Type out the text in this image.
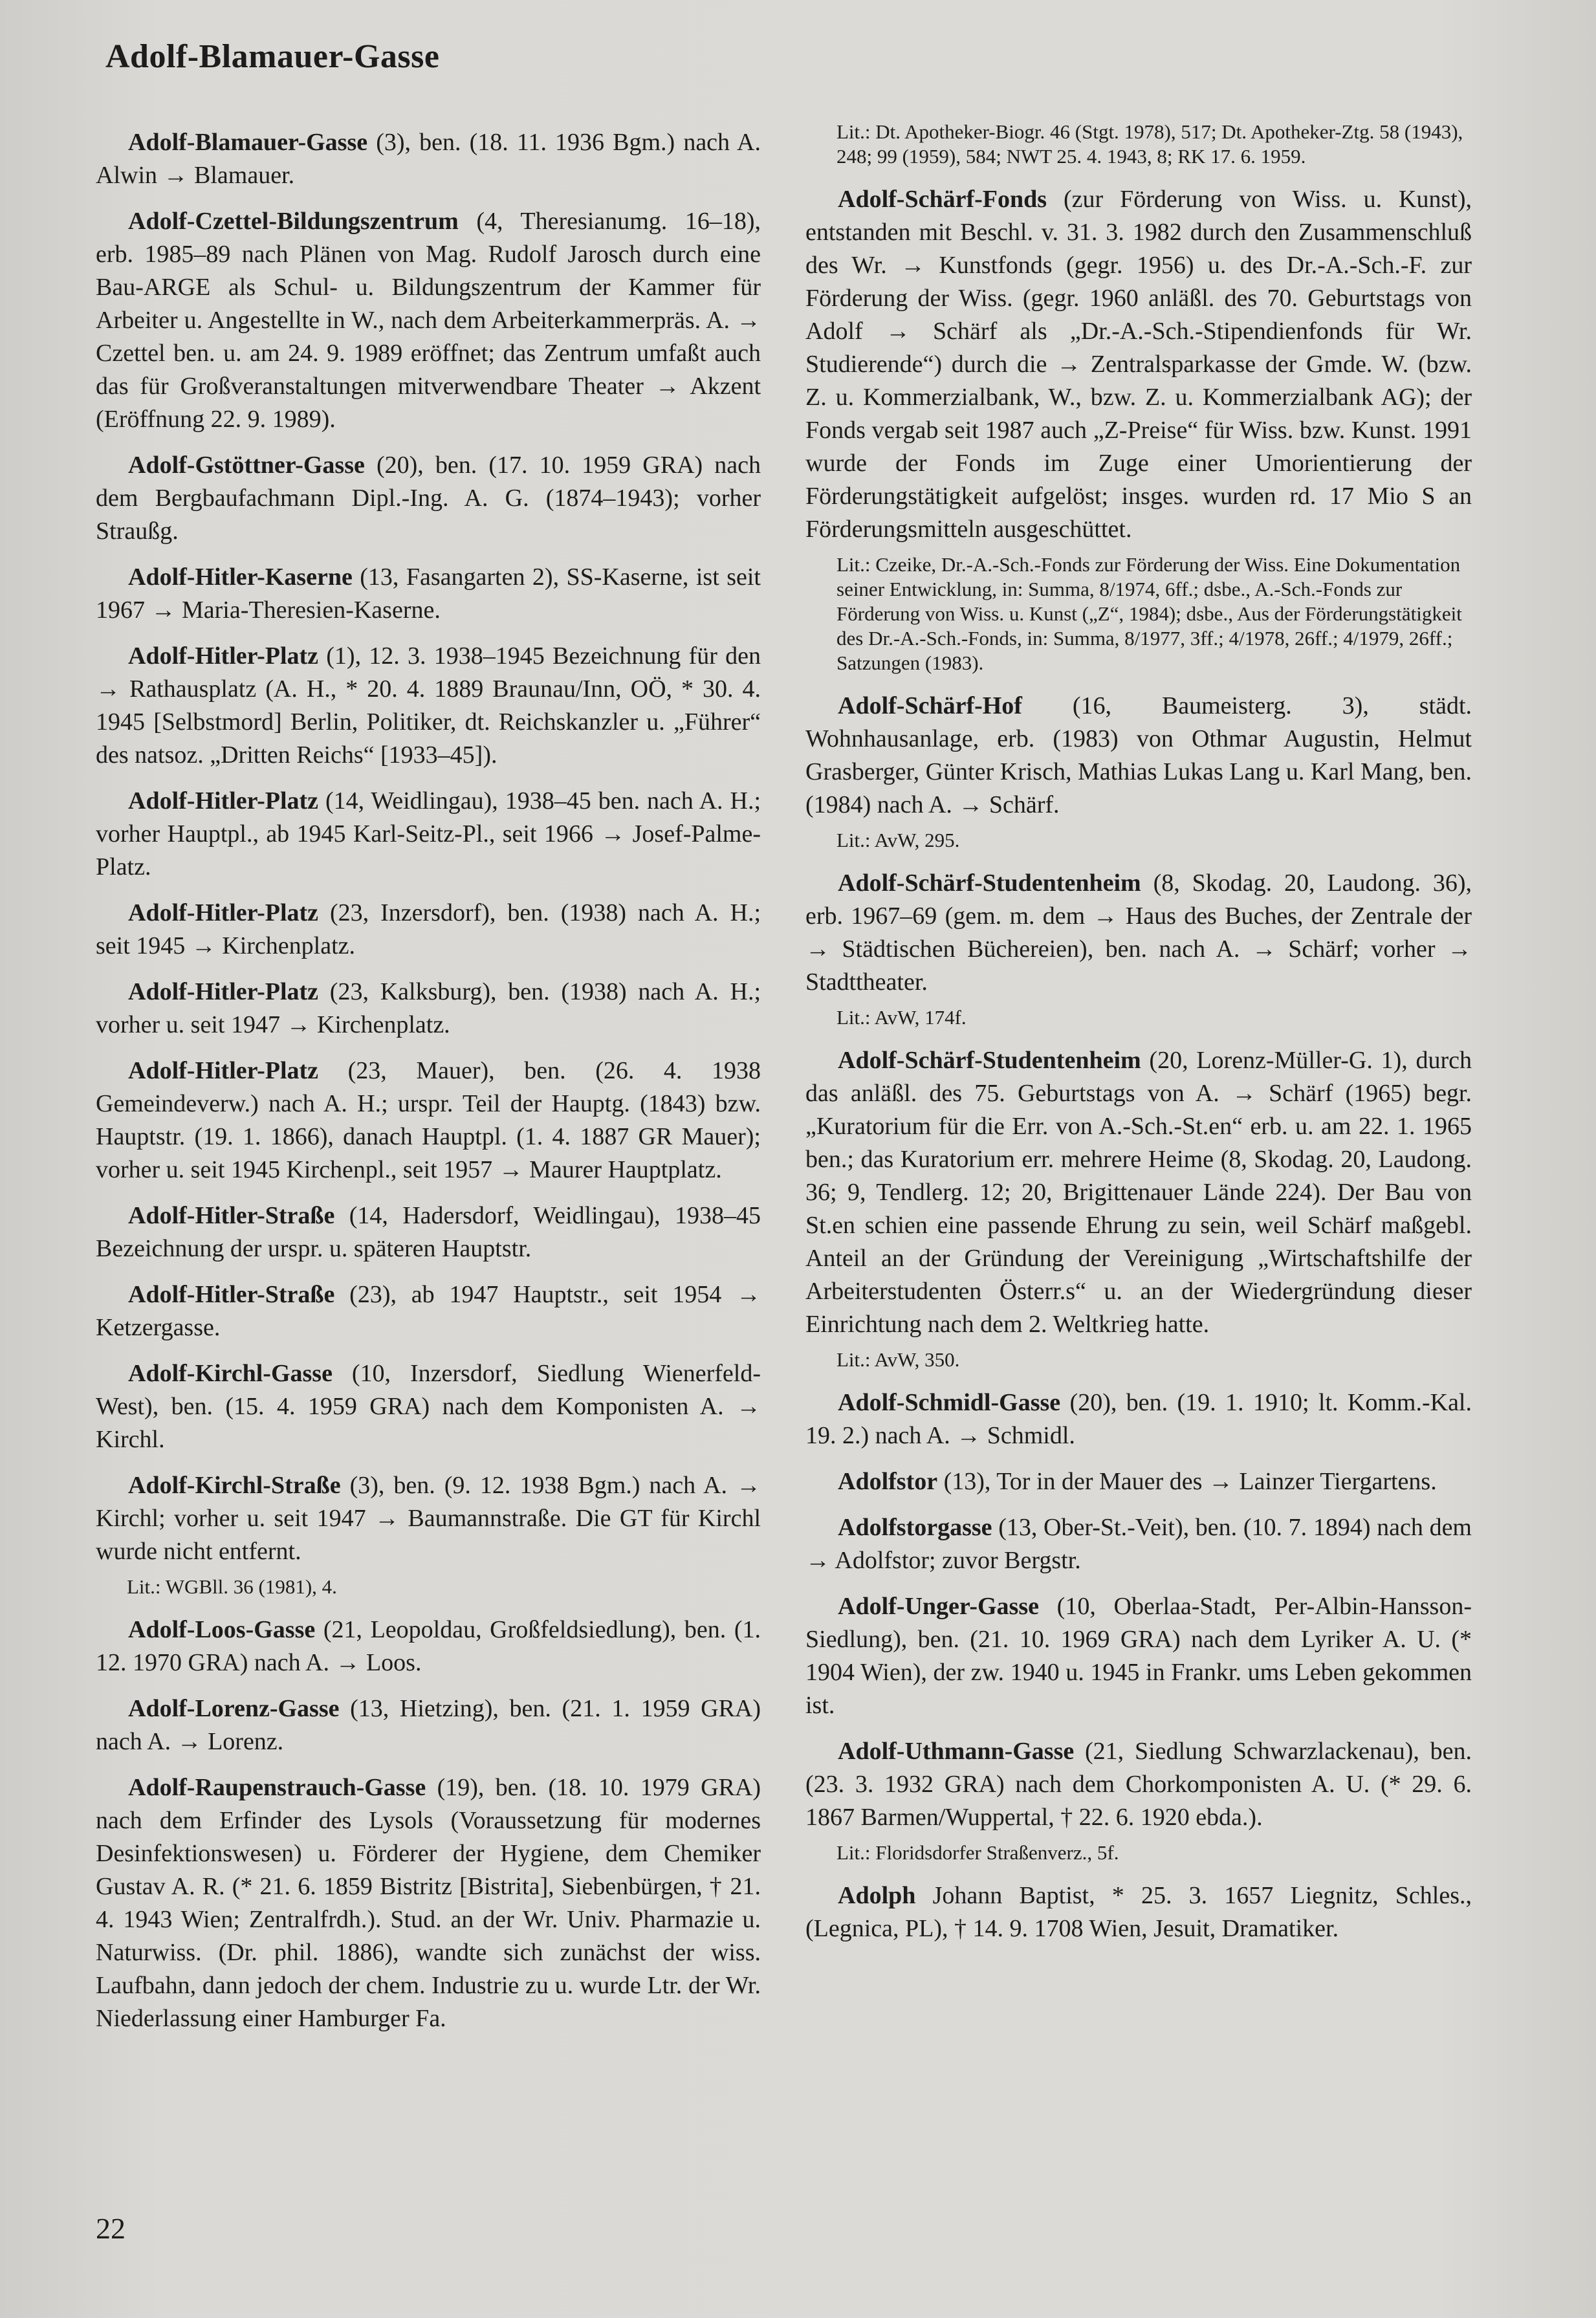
Adolf-Blamauer-Gasse
Adolf-Blamauer-Gasse (3), ben. (18. 11. 1936 Bgm.) nach A. Alwin → Blamauer.
Adolf-Czettel-Bildungszentrum (4, Theresianumg. 16–18), erb. 1985–89 nach Plänen von Mag. Rudolf Jarosch durch eine Bau-ARGE als Schul- u. Bildungszentrum der Kammer für Arbeiter u. Angestellte in W., nach dem Arbeiterkammerpräs. A. → Czettel ben. u. am 24. 9. 1989 eröffnet; das Zentrum umfaßt auch das für Großveranstaltungen mitverwendbare Theater → Akzent (Eröffnung 22. 9. 1989).
Adolf-Gstöttner-Gasse (20), ben. (17. 10. 1959 GRA) nach dem Bergbaufachmann Dipl.-Ing. A. G. (1874–1943); vorher Straußg.
Adolf-Hitler-Kaserne (13, Fasangarten 2), SS-Kaserne, ist seit 1967 → Maria-Theresien-Kaserne.
Adolf-Hitler-Platz (1), 12. 3. 1938–1945 Bezeichnung für den → Rathausplatz (A. H., * 20. 4. 1889 Braunau/Inn, OÖ, * 30. 4. 1945 [Selbstmord] Berlin, Politiker, dt. Reichskanzler u. „Führer“ des natsoz. „Dritten Reichs“ [1933–45]).
Adolf-Hitler-Platz (14, Weidlingau), 1938–45 ben. nach A. H.; vorher Hauptpl., ab 1945 Karl-Seitz-Pl., seit 1966 → Josef-Palme-Platz.
Adolf-Hitler-Platz (23, Inzersdorf), ben. (1938) nach A. H.; seit 1945 → Kirchenplatz.
Adolf-Hitler-Platz (23, Kalksburg), ben. (1938) nach A. H.; vorher u. seit 1947 → Kirchenplatz.
Adolf-Hitler-Platz (23, Mauer), ben. (26. 4. 1938 Gemeindeverw.) nach A. H.; urspr. Teil der Hauptg. (1843) bzw. Hauptstr. (19. 1. 1866), danach Hauptpl. (1. 4. 1887 GR Mauer); vorher u. seit 1945 Kirchenpl., seit 1957 → Maurer Hauptplatz.
Adolf-Hitler-Straße (14, Hadersdorf, Weidlingau), 1938–45 Bezeichnung der urspr. u. späteren Hauptstr.
Adolf-Hitler-Straße (23), ab 1947 Hauptstr., seit 1954 → Ketzergasse.
Adolf-Kirchl-Gasse (10, Inzersdorf, Siedlung Wienerfeld-West), ben. (15. 4. 1959 GRA) nach dem Komponisten A. → Kirchl.
Adolf-Kirchl-Straße (3), ben. (9. 12. 1938 Bgm.) nach A. → Kirchl; vorher u. seit 1947 → Baumannstraße. Die GT für Kirchl wurde nicht entfernt.
Lit.: WGBll. 36 (1981), 4.
Adolf-Loos-Gasse (21, Leopoldau, Großfeldsiedlung), ben. (1. 12. 1970 GRA) nach A. → Loos.
Adolf-Lorenz-Gasse (13, Hietzing), ben. (21. 1. 1959 GRA) nach A. → Lorenz.
Adolf-Raupenstrauch-Gasse (19), ben. (18. 10. 1979 GRA) nach dem Erfinder des Lysols (Voraussetzung für modernes Desinfektionswesen) u. Förderer der Hygiene, dem Chemiker Gustav A. R. (* 21. 6. 1859 Bistritz [Bistrita], Siebenbürgen, † 21. 4. 1943 Wien; Zentralfrdh.). Stud. an der Wr. Univ. Pharmazie u. Naturwiss. (Dr. phil. 1886), wandte sich zunächst der wiss. Laufbahn, dann jedoch der chem. Industrie zu u. wurde Ltr. der Wr. Niederlassung einer Hamburger Fa.
Lit.: Dt. Apotheker-Biogr. 46 (Stgt. 1978), 517; Dt. Apotheker-Ztg. 58 (1943), 248; 99 (1959), 584; NWT 25. 4. 1943, 8; RK 17. 6. 1959.
Adolf-Schärf-Fonds (zur Förderung von Wiss. u. Kunst), entstanden mit Beschl. v. 31. 3. 1982 durch den Zusammenschluß des Wr. → Kunstfonds (gegr. 1956) u. des Dr.-A.-Sch.-F. zur Förderung der Wiss. (gegr. 1960 anläßl. des 70. Geburtstags von Adolf → Schärf als „Dr.-A.-Sch.-Stipendienfonds für Wr. Studierende“) durch die → Zentralsparkasse der Gmde. W. (bzw. Z. u. Kommerzialbank, W., bzw. Z. u. Kommerzialbank AG); der Fonds vergab seit 1987 auch „Z-Preise“ für Wiss. bzw. Kunst. 1991 wurde der Fonds im Zuge einer Umorientierung der Förderungstätigkeit aufgelöst; insges. wurden rd. 17 Mio S an Förderungsmitteln ausgeschüttet.
Lit.: Czeike, Dr.-A.-Sch.-Fonds zur Förderung der Wiss. Eine Dokumentation seiner Entwicklung, in: Summa, 8/1974, 6ff.; dsbe., A.-Sch.-Fonds zur Förderung von Wiss. u. Kunst („Z“, 1984); dsbe., Aus der Förderungstätigkeit des Dr.-A.-Sch.-Fonds, in: Summa, 8/1977, 3ff.; 4/1978, 26ff.; 4/1979, 26ff.; Satzungen (1983).
Adolf-Schärf-Hof (16, Baumeisterg. 3), städt. Wohnhausanlage, erb. (1983) von Othmar Augustin, Helmut Grasberger, Günter Krisch, Mathias Lukas Lang u. Karl Mang, ben. (1984) nach A. → Schärf.
Lit.: AvW, 295.
Adolf-Schärf-Studentenheim (8, Skodag. 20, Laudong. 36), erb. 1967–69 (gem. m. dem → Haus des Buches, der Zentrale der → Städtischen Büchereien), ben. nach A. → Schärf; vorher → Stadttheater.
Lit.: AvW, 174f.
Adolf-Schärf-Studentenheim (20, Lorenz-Müller-G. 1), durch das anläßl. des 75. Geburtstags von A. → Schärf (1965) begr. „Kuratorium für die Err. von A.-Sch.-St.en“ erb. u. am 22. 1. 1965 ben.; das Kuratorium err. mehrere Heime (8, Skodag. 20, Laudong. 36; 9, Tendlerg. 12; 20, Brigittenauer Lände 224). Der Bau von St.en schien eine passende Ehrung zu sein, weil Schärf maßgebl. Anteil an der Gründung der Vereinigung „Wirtschaftshilfe der Arbeiterstudenten Österr.s“ u. an der Wiedergründung dieser Einrichtung nach dem 2. Weltkrieg hatte.
Lit.: AvW, 350.
Adolf-Schmidl-Gasse (20), ben. (19. 1. 1910; lt. Komm.-Kal. 19. 2.) nach A. → Schmidl.
Adolfstor (13), Tor in der Mauer des → Lainzer Tiergartens.
Adolfstorgasse (13, Ober-St.-Veit), ben. (10. 7. 1894) nach dem → Adolfstor; zuvor Bergstr.
Adolf-Unger-Gasse (10, Oberlaa-Stadt, Per-Albin-Hansson-Siedlung), ben. (21. 10. 1969 GRA) nach dem Lyriker A. U. (* 1904 Wien), der zw. 1940 u. 1945 in Frankr. ums Leben gekommen ist.
Adolf-Uthmann-Gasse (21, Siedlung Schwarzlackenau), ben. (23. 3. 1932 GRA) nach dem Chorkomponisten A. U. (* 29. 6. 1867 Barmen/Wuppertal, † 22. 6. 1920 ebda.).
Lit.: Floridsdorfer Straßenverz., 5f.
Adolph Johann Baptist, * 25. 3. 1657 Liegnitz, Schles., (Legnica, PL), † 14. 9. 1708 Wien, Jesuit, Dramatiker.
22
